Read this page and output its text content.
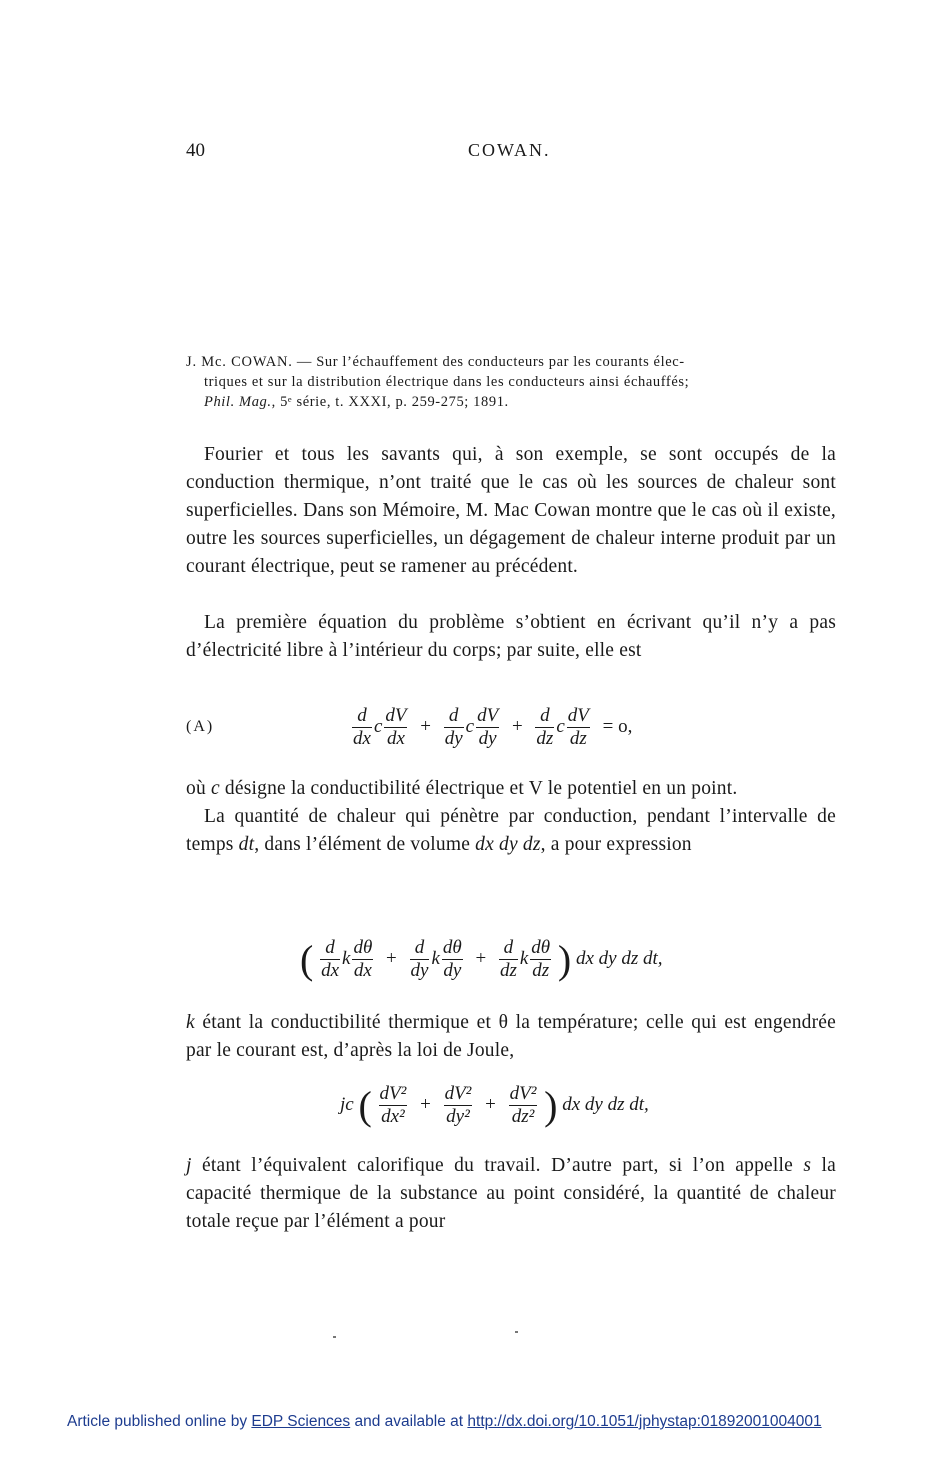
40	COWAN.
J. Mc. COWAN. — Sur l’échauffement des conducteurs par les courants élec-
triques et sur la distribution électrique dans les conducteurs ainsi échauffés;
Phil. Mag., 5ᵉ série, t. XXXI, p. 259-275; 1891.
Fourier et tous les savants qui, à son exemple, se sont occupés de la conduction thermique, n’ont traité que le cas où les sources de chaleur sont superficielles. Dans son Mémoire, M. Mac Cowan montre que le cas où il existe, outre les sources superficielles, un dégagement de chaleur interne produit par un courant électrique, peut se ramener au précédent.
La première équation du problème s’obtient en écrivant qu’il n’y a pas d’électricité libre à l’intérieur du corps; par suite, elle est
(A)	$\frac{d}{dx}$ c $\frac{dV}{dx} + \frac{d}{dy}$ c $\frac{dV}{dy} + \frac{d}{dz}$ c $\frac{dV}{dz} = o$,
où c désigne la conductibilité électrique et V le potentiel en un point.
La quantité de chaleur qui pénètre par conduction, pendant l’intervalle de temps dt, dans l’élément de volume dx dy dz, a pour expression
( $\frac{d}{dx}$ k $\frac{d\theta}{dx} + \frac{d}{dy}$ k $\frac{d\theta}{dy} + \frac{d}{dz}$ k $\frac{d\theta}{dz}$ ) dx dy dz dt,
k étant la conductibilité thermique et θ la température; celle qui est engendrée par le courant est, d’après la loi de Joule,
jc ( $\frac{\text{dV²}}{\text{dx²}} + \frac{\text{dV²}}{\text{dy²}} + \frac{\text{dV²}}{\text{dz²}}$ ) dx dy dz dt,
j étant l’équivalent calorifique du travail. D’autre part, si l’on appelle s la capacité thermique de la substance au point considéré, la quantité de chaleur totale reçue par l’élément a pour
Article published online by EDP Sciences and available at http://dx.doi.org/10.1051/jphystap:01892001004001
